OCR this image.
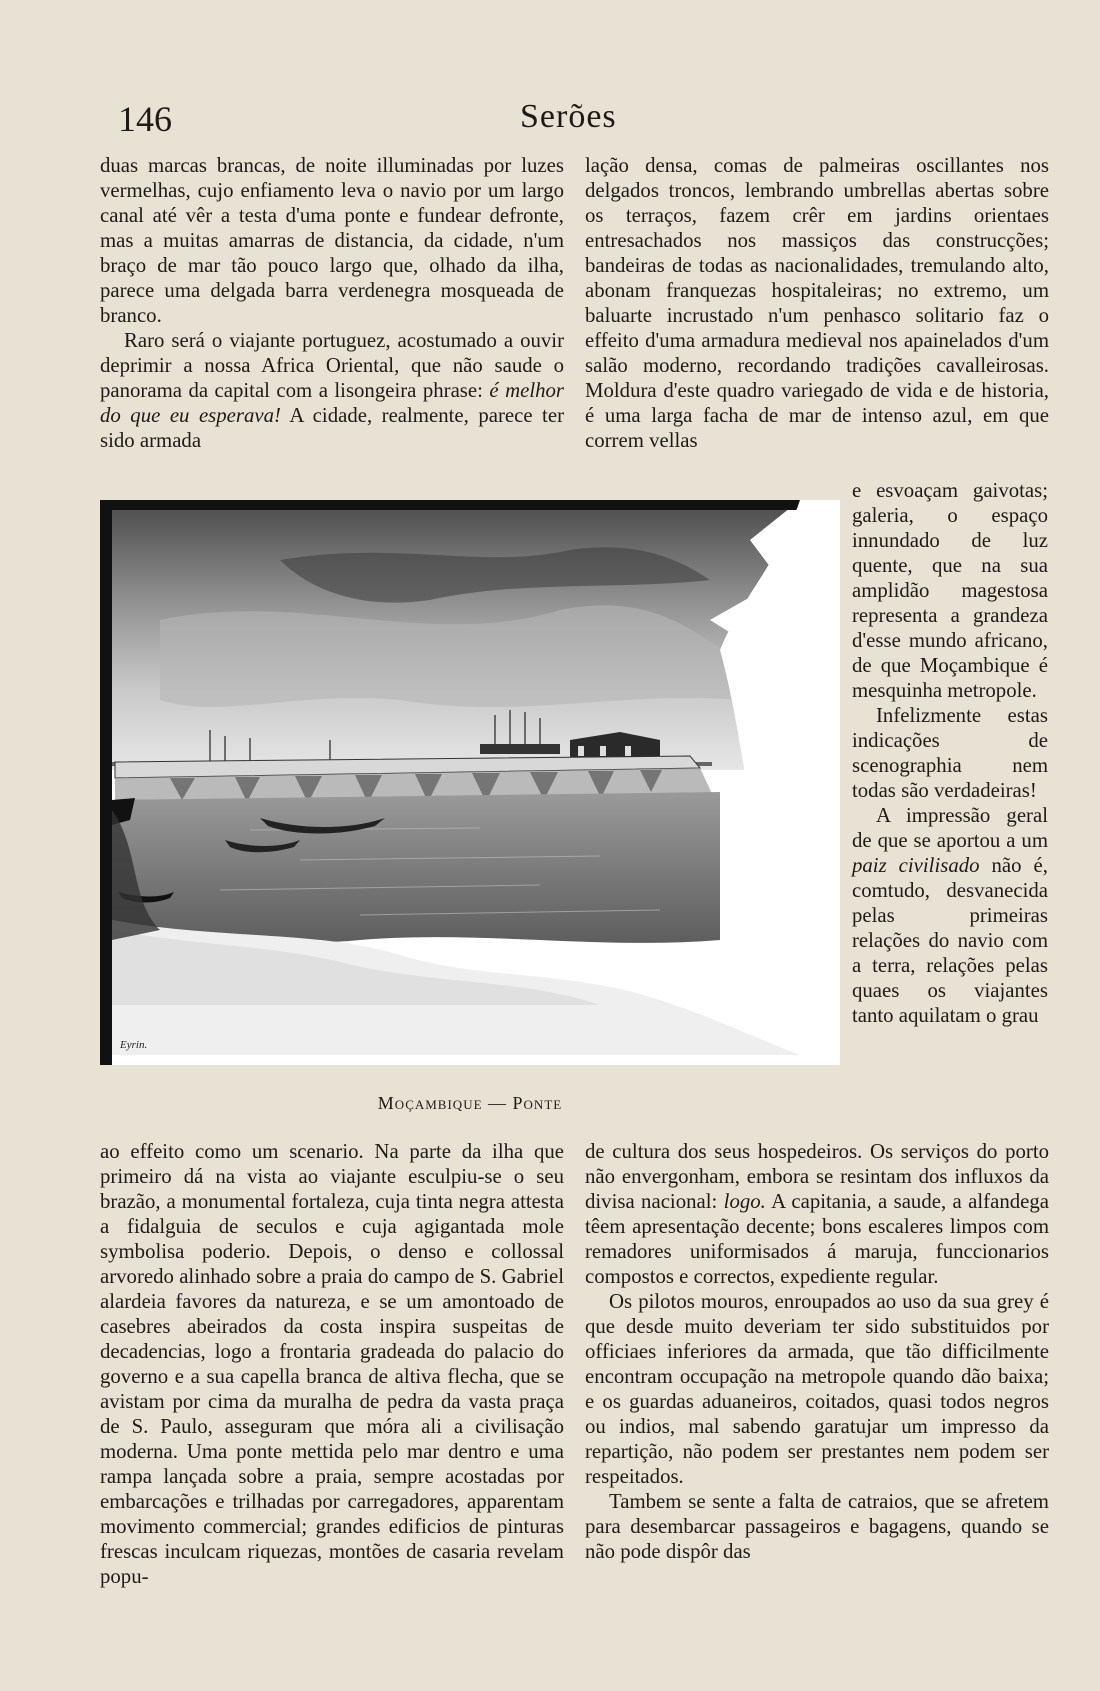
146	Serões

duas marcas brancas, de noite illuminadas por luzes vermelhas, cujo enfiamento leva o navio por um largo canal até vêr a testa d'uma ponte e fundear defronte, mas a muitas amarras de distancia, da cidade, n'um braço de mar tão pouco largo que, olhado da ilha, parece uma delgada barra verdenegra mosqueada de branco.

Raro será o viajante portuguez, acostumado a ouvir deprimir a nossa Africa Oriental, que não saude o panorama da capital com a lisongeira phrase: é melhor do que eu esperava! A cidade, realmente, parece ter sido armada

Eyrin.
Moçambique — Ponte

ao effeito como um scenario. Na parte da ilha que primeiro dá na vista ao viajante esculpiu-se o seu brazão, a monumental fortaleza, cuja tinta negra attesta a fidalguia de seculos e cuja agigantada mole symbolisa poderio. Depois, o denso e collossal arvoredo alinhado sobre a praia do campo de S. Gabriel alardeia favores da natureza, e se um amontoado de casebres abeirados da costa inspira suspeitas de decadencias, logo a frontaria gradeada do palacio do governo e a sua capella branca de altiva flecha, que se avistam por cima da muralha de pedra da vasta praça de S. Paulo, asseguram que móra ali a civilisação moderna. Uma ponte mettida pelo mar dentro e uma rampa lançada sobre a praia, sempre acostadas por embarcações e trilhadas por carregadores, apparentam movimento commercial; grandes edificios de pinturas frescas inculcam riquezas, montões de casaria revelam popu-

lação densa, comas de palmeiras oscillantes nos delgados troncos, lembrando umbrellas abertas sobre os terraços, fazem crêr em jardins orientaes entresachados nos massiços das construcções; bandeiras de todas as nacionalidades, tremulando alto, abonam franquezas hospitaleiras; no extremo, um baluarte incrustado n'um penhasco solitario faz o effeito d'uma armadura medieval nos apainelados d'um salão moderno, recordando tradições cavalleirosas. Moldura d'este quadro variegado de vida e de historia, é uma larga facha de mar de intenso azul, em que correm vellas

e esvoaçam gaivotas; galeria, o espaço innundado de luz quente, que na sua amplidão magestosa representa a grandeza d'esse mundo africano, de que Moçambique é mesquinha metropole.

Infelizmente estas indicações de scenographia nem todas são verdadeiras!

A impressão geral de que se aportou a um paiz civilisado não é, comtudo, desvanecida pelas primeiras relações do navio com a terra, relações pelas quaes os viajantes tanto aquilatam o grau

de cultura dos seus hospedeiros. Os serviços do porto não envergonham, embora se resintam dos influxos da divisa nacional: logo. A capitania, a saude, a alfandega têem apresentação decente; bons escaleres limpos com remadores uniformisados á maruja, funccionarios compostos e correctos, expediente regular.

Os pilotos mouros, enroupados ao uso da sua grey é que desde muito deveriam ter sido substituidos por officiaes inferiores da armada, que tão difficilmente encontram occupação na metropole quando dão baixa; e os guardas aduaneiros, coitados, quasi todos negros ou indios, mal sabendo garatujar um impresso da repartição, não podem ser prestantes nem podem ser respeitados.

Tambem se sente a falta de catraios, que se afretem para desembarcar passageiros e bagagens, quando se não pode dispôr das
